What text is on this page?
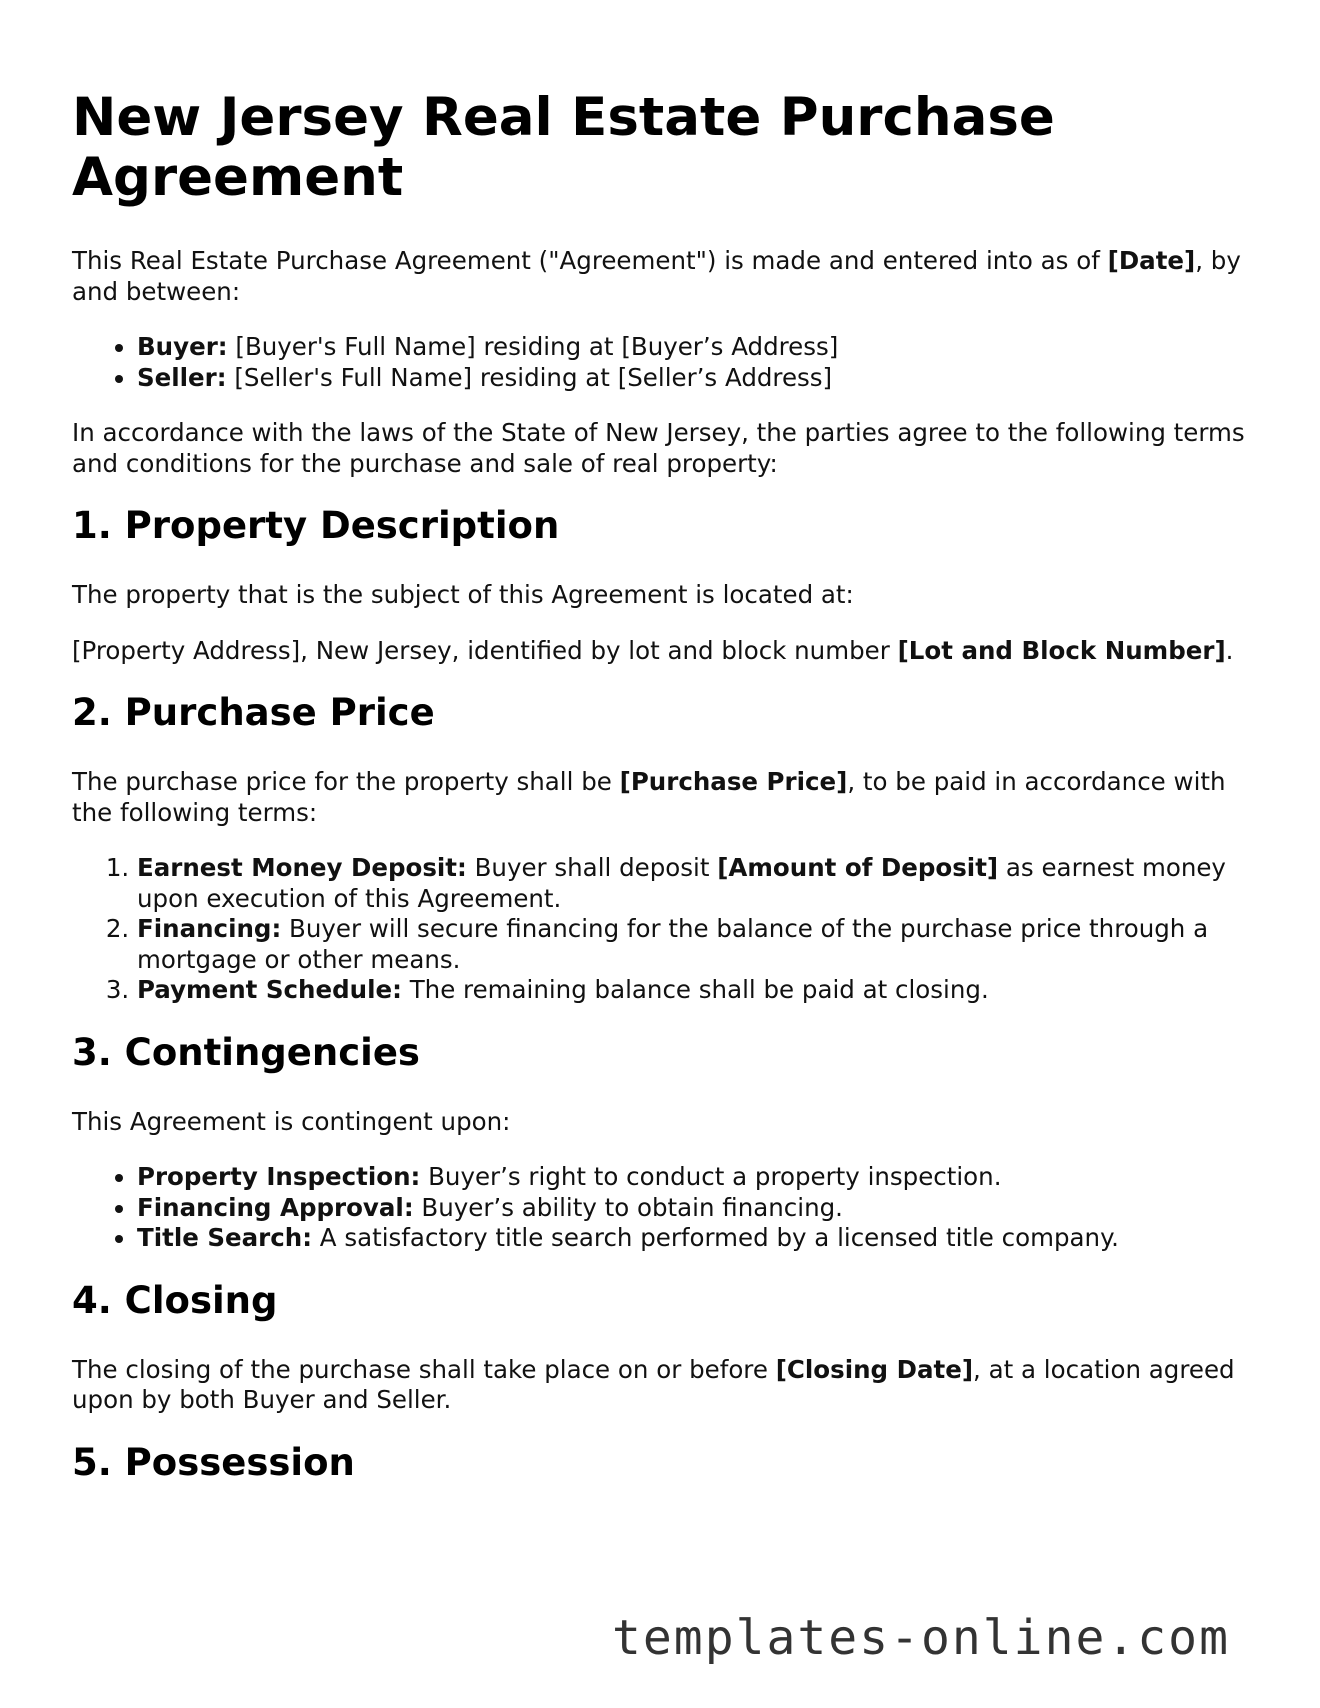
New Jersey Real Estate Purchase Agreement

This Real Estate Purchase Agreement ("Agreement") is made and entered into as of [Date], by and between:

• Buyer: [Buyer's Full Name] residing at [Buyer’s Address]
• Seller: [Seller's Full Name] residing at [Seller’s Address]

In accordance with the laws of the State of New Jersey, the parties agree to the following terms and conditions for the purchase and sale of real property:

1. Property Description

The property that is the subject of this Agreement is located at:

[Property Address], New Jersey, identified by lot and block number [Lot and Block Number].

2. Purchase Price

The purchase price for the property shall be [Purchase Price], to be paid in accordance with the following terms:

1. Earnest Money Deposit: Buyer shall deposit [Amount of Deposit] as earnest money upon execution of this Agreement.
2. Financing: Buyer will secure financing for the balance of the purchase price through a mortgage or other means.
3. Payment Schedule: The remaining balance shall be paid at closing.
3. Contingencies

This Agreement is contingent upon:

• Property Inspection: Buyer’s right to conduct a property inspection.
• Financing Approval: Buyer’s ability to obtain financing.
• Title Search: A satisfactory title search performed by a licensed title company.
4. Closing

The closing of the purchase shall take place on or before [Closing Date], at a location agreed upon by both Buyer and Seller.

5. Possession
templates-online.com
